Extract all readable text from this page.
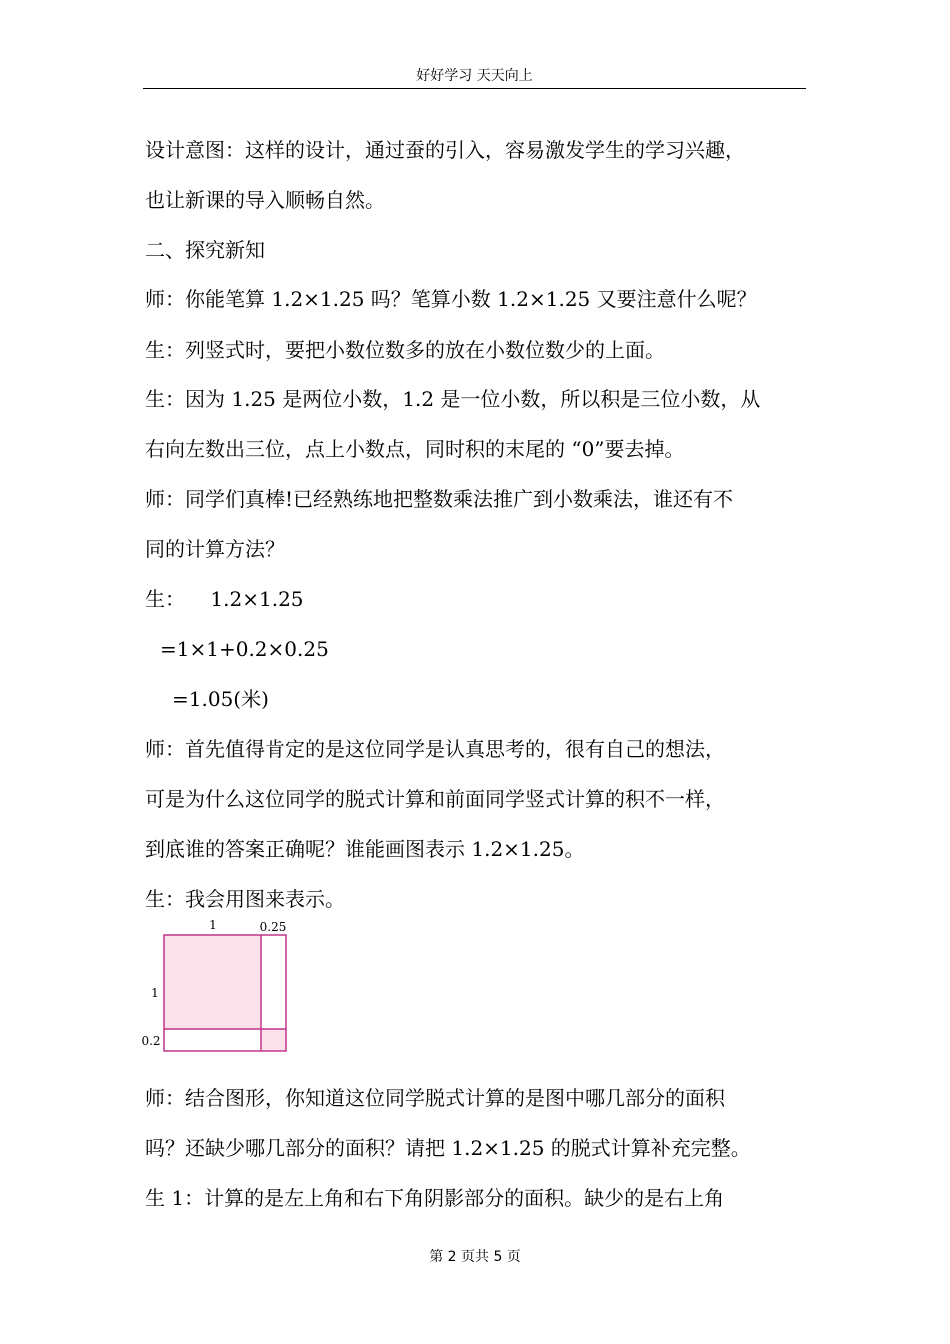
好好学习 天天向上
设计意图：这样的设计，通过蚕的引入，容易激发学生的学习兴趣，
也让新课的导入顺畅自然。
二、探究新知
师：你能笔算 1.2×1.25 吗？笔算小数 1.2×1.25 又要注意什么呢？
生：列竖式时，要把小数位数多的放在小数位数少的上面。
生：因为 1.25 是两位小数，1.2 是一位小数，所以积是三位小数，从
右向左数出三位，点上小数点，同时积的末尾的 “0”要去掉。
师：同学们真棒!已经熟练地把整数乘法推广到小数乘法，谁还有不
同的计算方法？
生：    1.2×1.25
=1×1+0.2×0.25
=1.05(米)
师：首先值得肯定的是这位同学是认真思考的，很有自己的想法，
可是为什么这位同学的脱式计算和前面同学竖式计算的积不一样，
到底谁的答案正确呢？谁能画图表示 1.2×1.25。
生：我会用图来表示。
1	0.25
1
0.2
师：结合图形，你知道这位同学脱式计算的是图中哪几部分的面积
吗？还缺少哪几部分的面积？请把 1.2×1.25 的脱式计算补充完整。
生 1：计算的是左上角和右下角阴影部分的面积。缺少的是右上角
第 2 页共 5 页
